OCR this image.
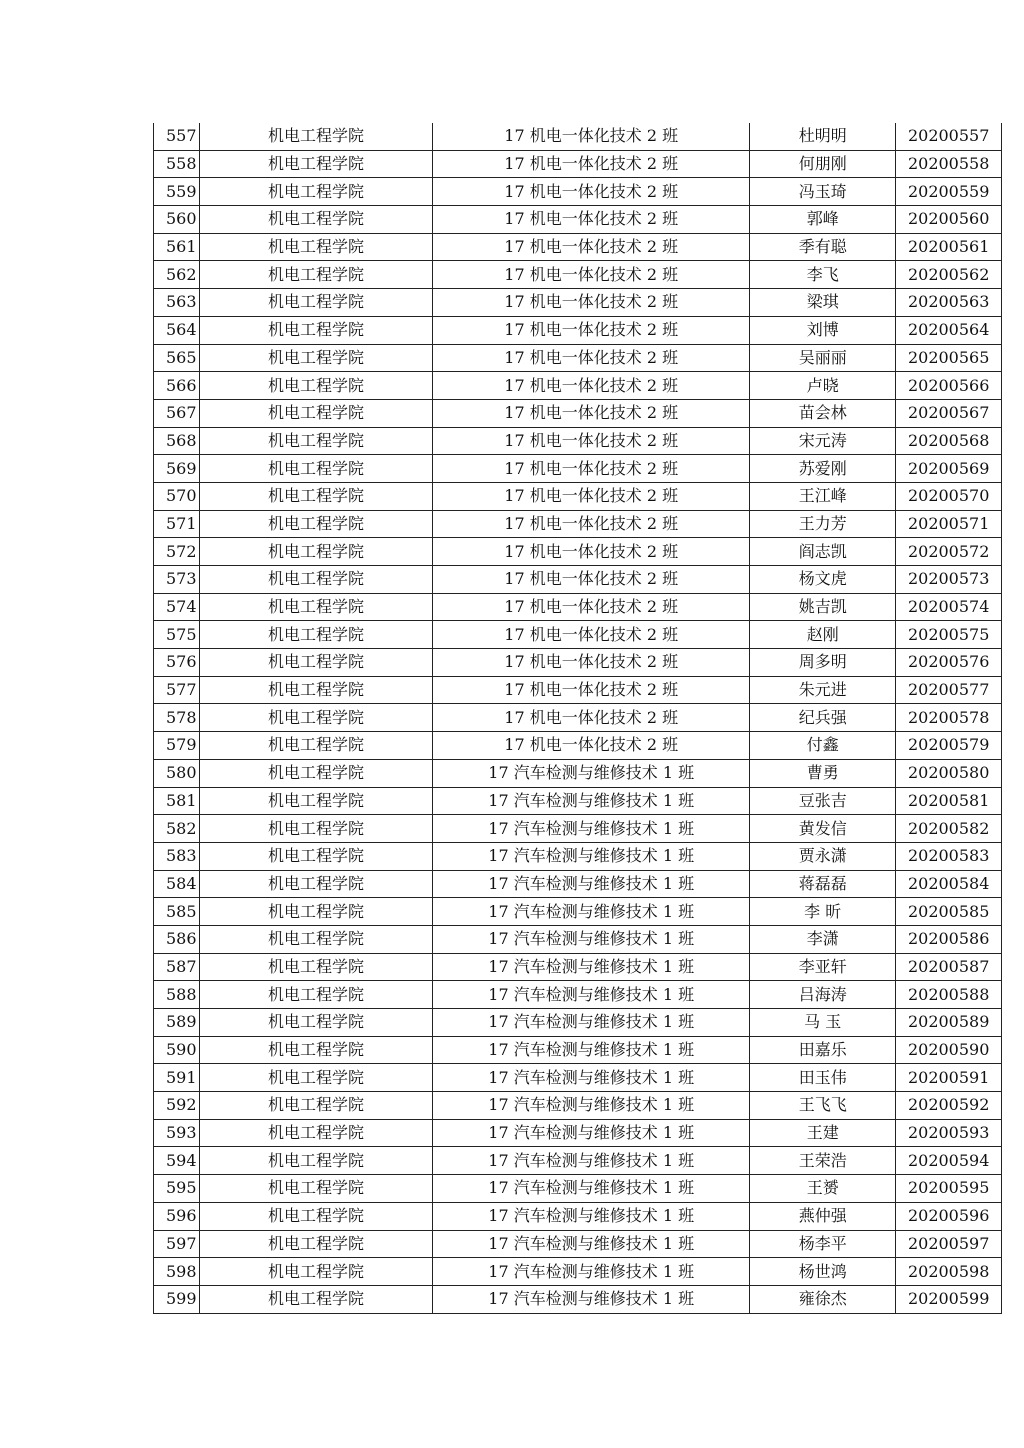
557	机电工程学院	17 机电一体化技术 2 班	杜明明	20200557
558	机电工程学院	17 机电一体化技术 2 班	何朋刚	20200558
559	机电工程学院	17 机电一体化技术 2 班	冯玉琦	20200559
560	机电工程学院	17 机电一体化技术 2 班	郭峰	20200560
561	机电工程学院	17 机电一体化技术 2 班	季有聪	20200561
562	机电工程学院	17 机电一体化技术 2 班	李飞	20200562
563	机电工程学院	17 机电一体化技术 2 班	梁琪	20200563
564	机电工程学院	17 机电一体化技术 2 班	刘博	20200564
565	机电工程学院	17 机电一体化技术 2 班	吴丽丽	20200565
566	机电工程学院	17 机电一体化技术 2 班	卢晓	20200566
567	机电工程学院	17 机电一体化技术 2 班	苗会林	20200567
568	机电工程学院	17 机电一体化技术 2 班	宋元涛	20200568
569	机电工程学院	17 机电一体化技术 2 班	苏爱刚	20200569
570	机电工程学院	17 机电一体化技术 2 班	王江峰	20200570
571	机电工程学院	17 机电一体化技术 2 班	王力芳	20200571
572	机电工程学院	17 机电一体化技术 2 班	阎志凯	20200572
573	机电工程学院	17 机电一体化技术 2 班	杨文虎	20200573
574	机电工程学院	17 机电一体化技术 2 班	姚吉凯	20200574
575	机电工程学院	17 机电一体化技术 2 班	赵刚	20200575
576	机电工程学院	17 机电一体化技术 2 班	周多明	20200576
577	机电工程学院	17 机电一体化技术 2 班	朱元进	20200577
578	机电工程学院	17 机电一体化技术 2 班	纪兵强	20200578
579	机电工程学院	17 机电一体化技术 2 班	付鑫	20200579
580	机电工程学院	17 汽车检测与维修技术 1 班	曹勇	20200580
581	机电工程学院	17 汽车检测与维修技术 1 班	豆张吉	20200581
582	机电工程学院	17 汽车检测与维修技术 1 班	黄发信	20200582
583	机电工程学院	17 汽车检测与维修技术 1 班	贾永潇	20200583
584	机电工程学院	17 汽车检测与维修技术 1 班	蒋磊磊	20200584
585	机电工程学院	17 汽车检测与维修技术 1 班	李 昕	20200585
586	机电工程学院	17 汽车检测与维修技术 1 班	李潇	20200586
587	机电工程学院	17 汽车检测与维修技术 1 班	李亚轩	20200587
588	机电工程学院	17 汽车检测与维修技术 1 班	吕海涛	20200588
589	机电工程学院	17 汽车检测与维修技术 1 班	马 玉	20200589
590	机电工程学院	17 汽车检测与维修技术 1 班	田嘉乐	20200590
591	机电工程学院	17 汽车检测与维修技术 1 班	田玉伟	20200591
592	机电工程学院	17 汽车检测与维修技术 1 班	王飞飞	20200592
593	机电工程学院	17 汽车检测与维修技术 1 班	王建	20200593
594	机电工程学院	17 汽车检测与维修技术 1 班	王荣浩	20200594
595	机电工程学院	17 汽车检测与维修技术 1 班	王赟	20200595
596	机电工程学院	17 汽车检测与维修技术 1 班	燕仲强	20200596
597	机电工程学院	17 汽车检测与维修技术 1 班	杨李平	20200597
598	机电工程学院	17 汽车检测与维修技术 1 班	杨世鸿	20200598
599	机电工程学院	17 汽车检测与维修技术 1 班	雍徐杰	20200599
